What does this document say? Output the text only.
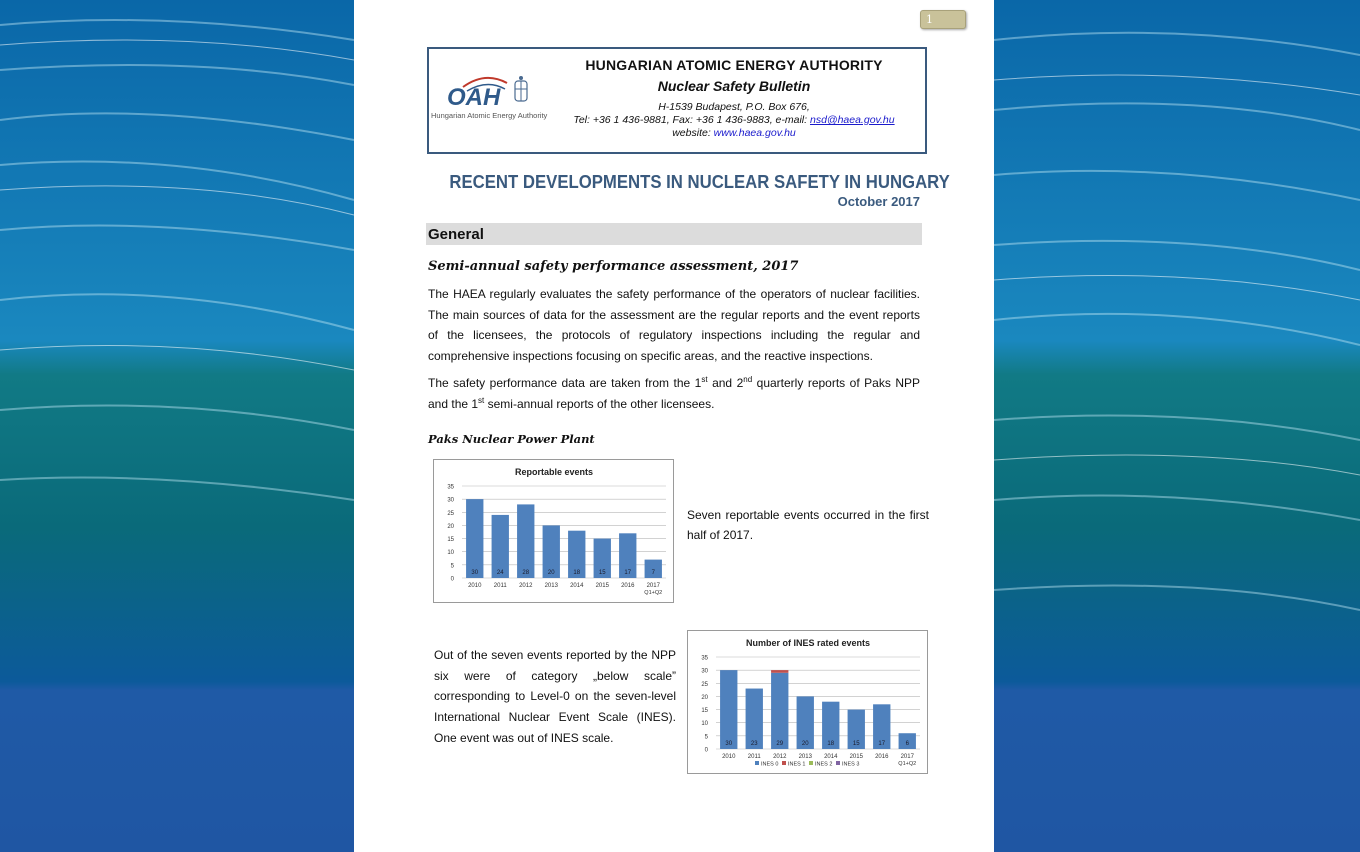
1
OAH
Hungarian Atomic Energy Authority
HUNGARIAN ATOMIC ENERGY AUTHORITY
Nuclear Safety Bulletin
H-1539 Budapest, P.O. Box 676,
Tel: +36 1 436-9881, Fax: +36 1 436-9883, e-mail: nsd@haea.gov.hu
website: www.haea.gov.hu
RECENT DEVELOPMENTS IN NUCLEAR SAFETY IN HUNGARY
October 2017
General
Semi-annual safety performance assessment, 2017
The HAEA regularly evaluates the safety performance of the operators of nuclear facilities. The main sources of data for the assessment are the regular reports and the event reports of the licensees, the protocols of regulatory inspections including the regular and comprehensive inspections focusing on specific areas, and the reactive inspections.
The safety performance data are taken from the 1st and 2nd quarterly reports of Paks NPP and the 1st semi-annual reports of the other licensees.
Paks Nuclear Power Plant
Reportable events
0
5
10
15
20
25
30
35
30
2010
24
2011
28
2012
20
2013
18
2014
15
2015
17
2016
7
2017
Q1+Q2
Seven reportable events occurred in the first half of 2017.
Out of the seven events reported by the NPP six were of category „below scale” corresponding to Level-0 on the seven-level International Nuclear Event Scale (INES). One event was out of INES scale.
Number of INES rated events
0
5
10
15
20
25
30
35
30
2010
23
2011
29
2012
20
2013
18
2014
15
2015
17
2016
6
2017
Q1+Q2
INES 0 INES 1 INES 2 INES 3
